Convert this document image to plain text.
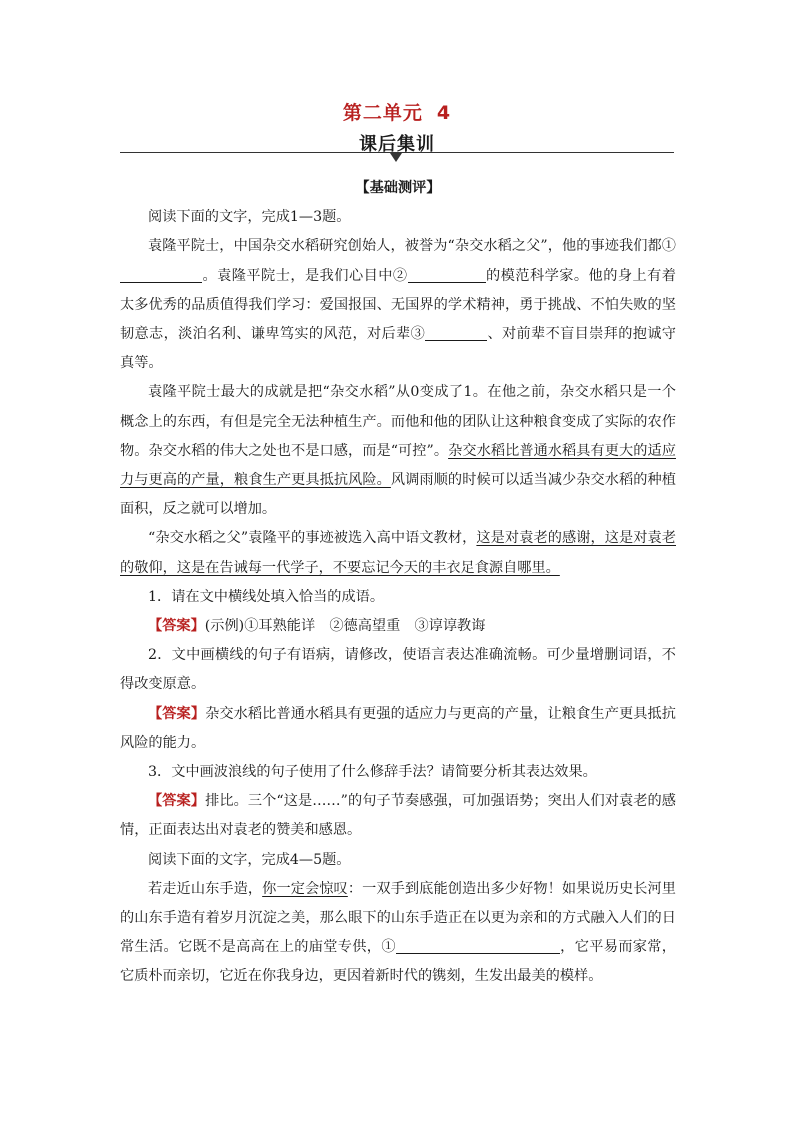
第二单元 4
课后集训

【基础测评】

阅读下面的文字，完成1—3题。

袁隆平院士，中国杂交水稻研究创始人，被誉为“杂交水稻之父”，他的事迹我们都①。袁隆平院士，是我们心目中②	的模范科学家。他的身上有着太多优秀的品质值得我们学习：爱国报国、无国界的学术精神，勇于挑战、不怕失败的坚韧意志，淡泊名利、谦卑笃实的风范，对后辈③	、对前辈不盲目崇拜的抱诚守真等。

袁隆平院士最大的成就是把“杂交水稻”从0变成了1。在他之前，杂交水稻只是一个概念上的东西，有但是完全无法种植生产。而他和他的团队让这种粮食变成了实际的农作物。杂交水稻的伟大之处也不是口感，而是“可控”。杂交水稻比普通水稻具有更大的适应力与更高的产量，粮食生产更具抵抗风险。风调雨顺的时候可以适当减少杂交水稻的种植面积，反之就可以增加。

“杂交水稻之父”袁隆平的事迹被选入高中语文教材，这是对袁老的感谢，这是对袁老的敬仰，这是在告诫每一代学子，不要忘记今天的丰衣足食源自哪里。

1．请在文中横线处填入恰当的成语。

【答案】(示例)①耳熟能详　②德高望重　③谆谆教诲

2．文中画横线的句子有语病，请修改，使语言表达准确流畅。可少量增删词语，不得改变原意。

【答案】杂交水稻比普通水稻具有更强的适应力与更高的产量，让粮食生产更具抵抗风险的能力。

3．文中画波浪线的句子使用了什么修辞手法？请简要分析其表达效果。

【答案】排比。三个“这是……”的句子节奏感强，可加强语势；突出人们对袁老的感情，正面表达出对袁老的赞美和感恩。

阅读下面的文字，完成4—5题。

若走近山东手造，你一定会惊叹：一双手到底能创造出多少好物！如果说历史长河里的山东手造有着岁月沉淀之美，那么眼下的山东手造正在以更为亲和的方式融入人们的日常生活。它既不是高高在上的庙堂专供，①	，它平易而家常，它质朴而亲切，它近在你我身边，更因着新时代的镌刻，生发出最美的模样。
